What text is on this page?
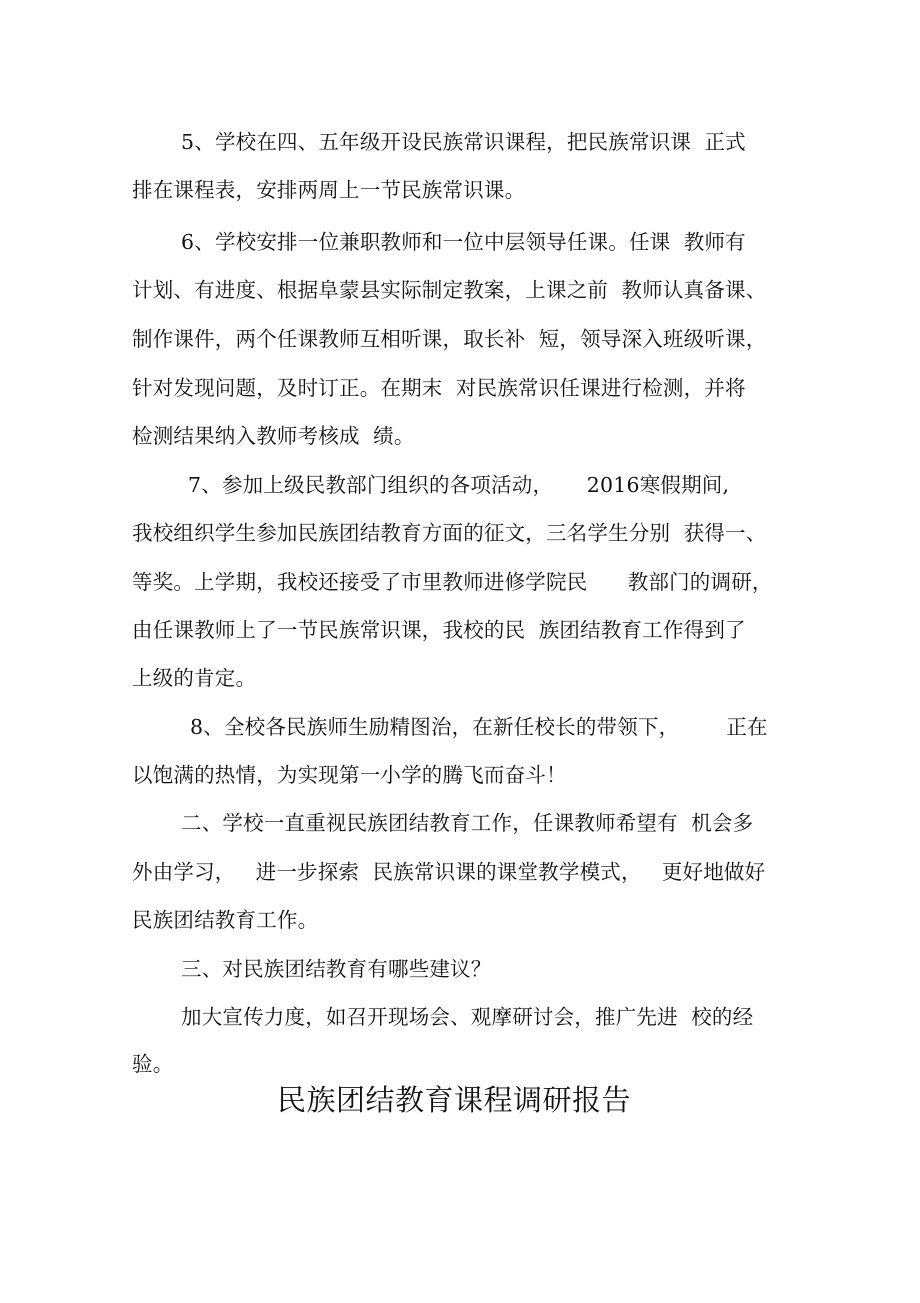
5、学校在四、五年级开设民族常识课程，把民族常识课  正式
排在课程表，安排两周上一节民族常识课。
6、学校安排一位兼职教师和一位中层领导任课。任课  教师有
计划、有进度、根据阜蒙县实际制定教案，上课之前  教师认真备课、
制作课件，两个任课教师互相听课，取长补  短，领导深入班级听课，
针对发现问题，及时订正。在期末  对民族常识任课进行检测，并将
检测结果纳入教师考核成  绩。
7、参加上级民教部门组织的各项活动，     2016寒假期间,
我校组织学生参加民族团结教育方面的征文，三名学生分别  获得一、
等奖。上学期，我校还接受了市里教师进修学院民      教部门的调研，
由任课教师上了一节民族常识课，我校的民  族团结教育工作得到了
上级的肯定。
8、全校各民族师生励精图治，在新任校长的带领下，       正在
以饱满的热情，为实现第一小学的腾飞而奋斗！
二、学校一直重视民族团结教育工作，任课教师希望有  机会多
外由学习，   进一步探索  民族常识课的课堂教学模式，   更好地做好
民族团结教育工作。
三、对民族团结教育有哪些建议？
加大宣传力度，如召开现场会、观摩研讨会，推广先进  校的经
验。
民族团结教育课程调研报告
